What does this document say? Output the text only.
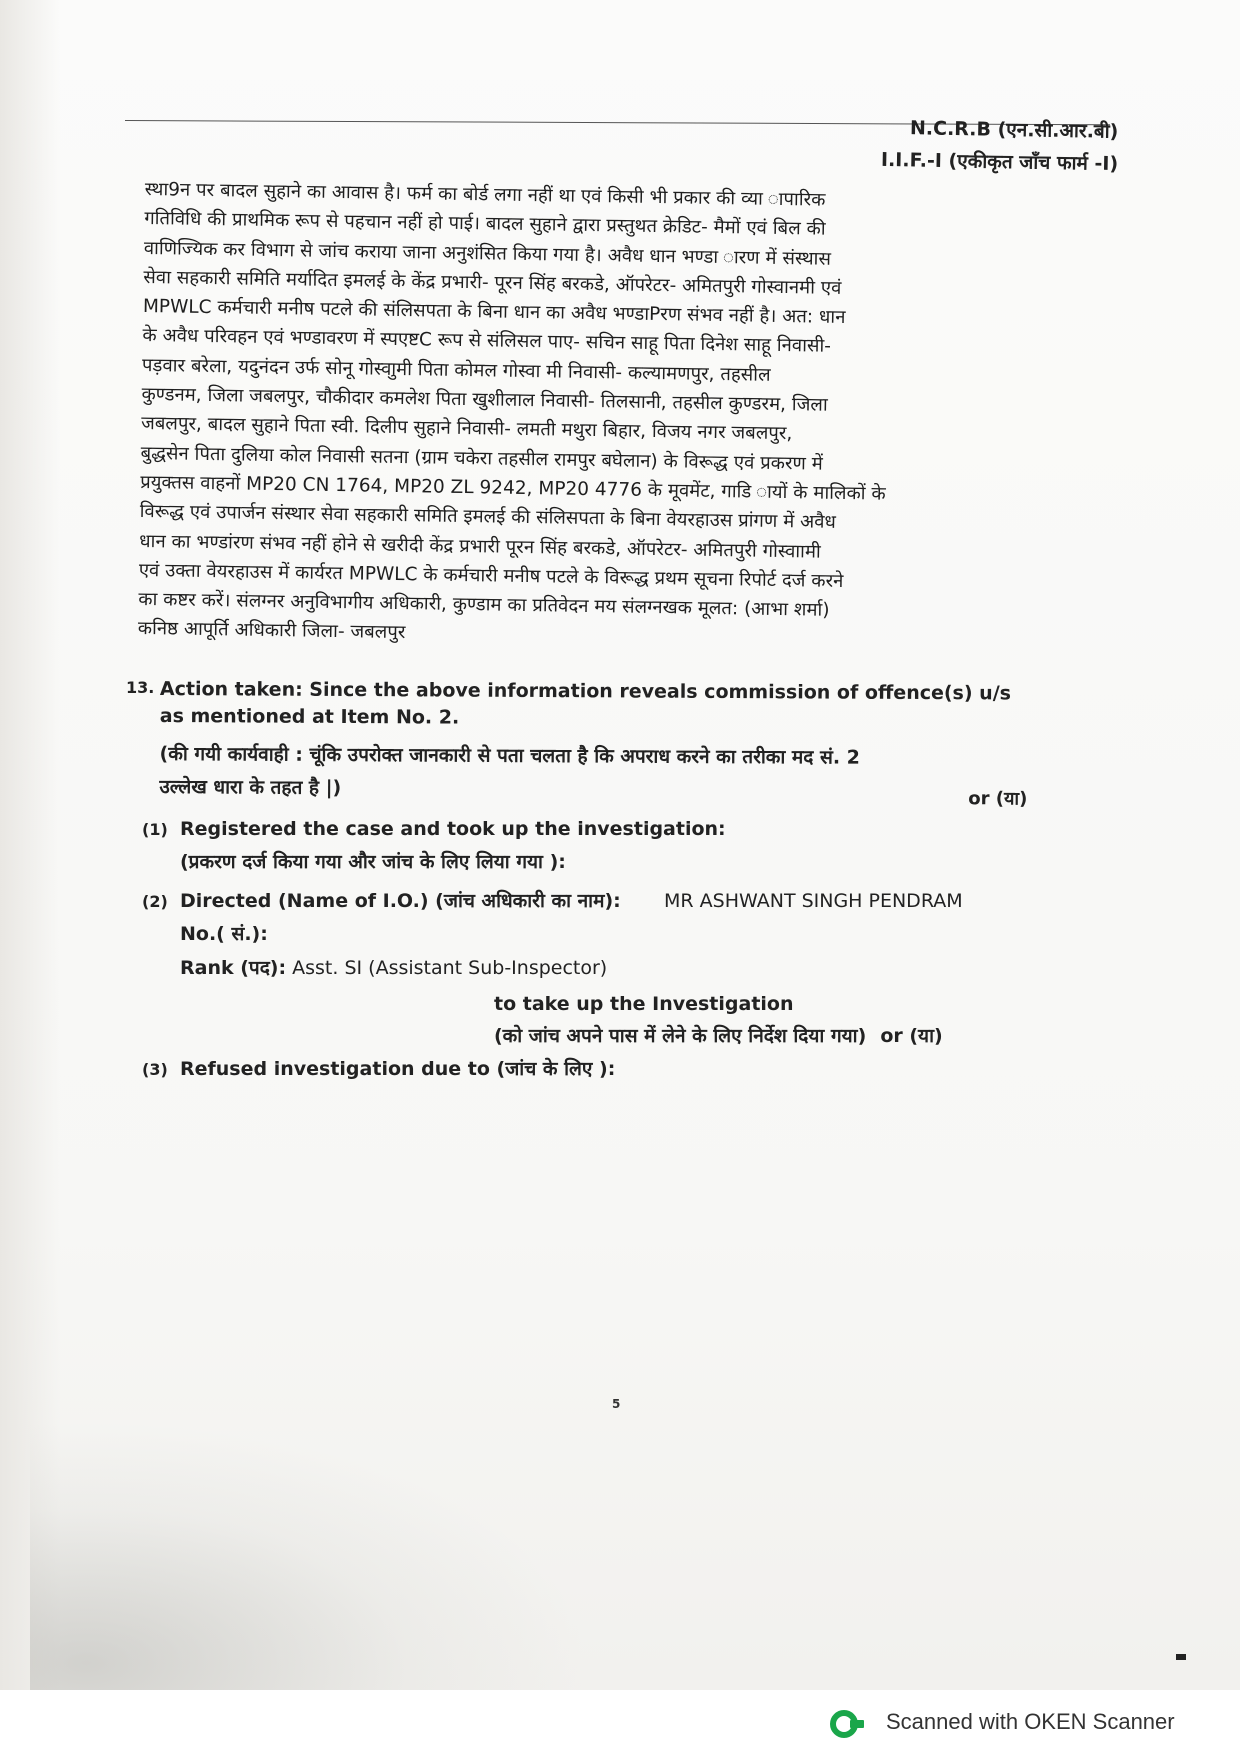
N.C.R.B (एन.सी.आर.बी)
I.I.F.-I (एकीकृत जाँच फार्म -I)
स्था9न पर बादल सुहाने का आवास है। फर्म का बोर्ड लगा नहीं था एवं किसी भी प्रकार की व्या ापारिक
गतिविधि की प्राथमिक रूप से पहचान नहीं हो पाई। बादल सुहाने द्वारा प्रस्तुथत क्रेडिट- मैमों एवं बिल की
वाणिज्यिक कर विभाग से जांच कराया जाना अनुशंसित किया गया है। अवैध धान भण्डा ारण में संस्थास
सेवा सहकारी समिति मर्यादित इमलई के केंद्र प्रभारी- पूरन सिंह बरकडे, ऑपरेटर- अमितपुरी गोस्वानमी एवं
MPWLC कर्मचारी मनीष पटले की संलिसपता के बिना धान का अवैध भण्डाPरण संभव नहीं है। अत: धान
के अवैध परिवहन एवं भण्डावरण में स्पएष्टC रूप से संलिसल पाए- सचिन साहू पिता दिनेश साहू निवासी-
पड़वार बरेला, यदुनंदन उर्फ सोनू गोस्वाुमी पिता कोमल गोस्वा मी निवासी- कल्यामणपुर, तहसील
कुण्डनम, जिला जबलपुर, चौकीदार कमलेश पिता खुशीलाल निवासी- तिलसानी, तहसील कुण्डरम, जिला
जबलपुर, बादल सुहाने पिता स्वी. दिलीप सुहाने निवासी- लमती मथुरा बिहार, विजय नगर जबलपुर,
बुद्धसेन पिता दुलिया कोल निवासी सतना (ग्राम चकेरा तहसील रामपुर बघेलान) के विरूद्ध एवं प्रकरण में
प्रयुक्तस वाहनों MP20 CN 1764, MP20 ZL 9242, MP20 4776 के मूवमेंट, गाडि ायों के मालिकों के
विरूद्ध एवं उपार्जन संस्थार सेवा सहकारी समिति इमलई की संलिसपता के बिना वेयरहाउस प्रांगण में अवैध
धान का भण्डांरण संभव नहीं होने से खरीदी केंद्र प्रभारी पूरन सिंह बरकडे, ऑपरेटर- अमितपुरी गोस्वाामी
एवं उक्ता वेयरहाउस में कार्यरत MPWLC के कर्मचारी मनीष पटले के विरूद्ध प्रथम सूचना रिपोर्ट दर्ज करने
का कष्टर करें। संलग्नर अनुविभागीय अधिकारी, कुण्डाम का प्रतिवेदन मय संलग्नखक मूलत: (आभा शर्मा)
कनिष्ठ आपूर्ति अधिकारी जिला- जबलपुर
13. Action taken: Since the above information reveals commission of offence(s) u/s
as mentioned at Item No. 2.
(की गयी कार्यवाही : चूंकि उपरोक्त जानकारी से पता चलता है कि अपराध करने का तरीका मद सं. 2
उल्लेख धारा के तहत है |)	or (या)
(1) Registered the case and took up the investigation:
(प्रकरण दर्ज किया गया और जांच के लिए लिया गया ):
(2) Directed (Name of I.O.) (जांच अधिकारी का नाम): MR ASHWANT SINGH PENDRAM
No.( सं.):
Rank (पद): Asst. SI (Assistant Sub-Inspector)
to take up the Investigation
(को जांच अपने पास में लेने के लिए निर्देश दिया गया) or (या)
(3) Refused investigation due to (जांच के लिए ):
5
Scanned with OKEN Scanner
